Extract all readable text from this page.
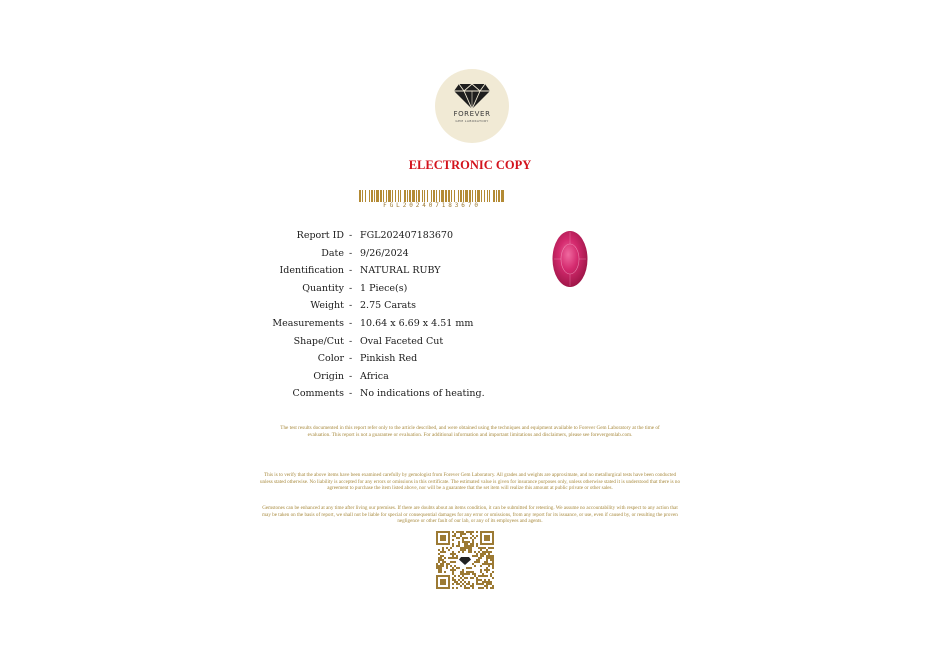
FOREVER
GEM LABORATORY
ELECTRONIC COPY
FGL202407183670
Report ID - FGL202407183670
Date - 9/26/2024
Identification - NATURAL RUBY
Quantity - 1 Piece(s)
Weight - 2.75 Carats
Measurements - 10.64 x 6.69 x 4.51 mm
Shape/Cut - Oval Faceted Cut
Color - Pinkish Red
Origin - Africa
Comments - No indications of heating.
The test results documented in this report refer only to the article described, and were obtained using the techniques and equipment available to Forever Gem Laboratory at the time of evaluation. This report is not a guarantee or evaluation. For additional information and important limitations and disclaimers, please see forevergemlab.com.
This is to verify that the above items have been examined carefully by gemologist from Forever Gem Laboratory. All grades and weights are approximate, and no metallurgical tests have been conducted unless stated otherwise. No liability is accepted for any errors or omissions in this certificate. The estimated value is given for insurance purposes only, unless otherwise stated it is understood that there is no agreement to purchase the item listed above, nor will be a guarantee that the set item will realize this amount at public private or other sales.
Gemstones can be enhanced at any time after living our premises. If there are doubts about an items condition, it can be submitted for retesting. We assume no accountability with respect to any action that may be taken on the basis of report, we shall not be liable for special or consequential damages for any error or omissions, from any report for its issuance, or use, even if caused by, or resulting the proven negligence or other fault of our lab, or any of its employees and agents.
